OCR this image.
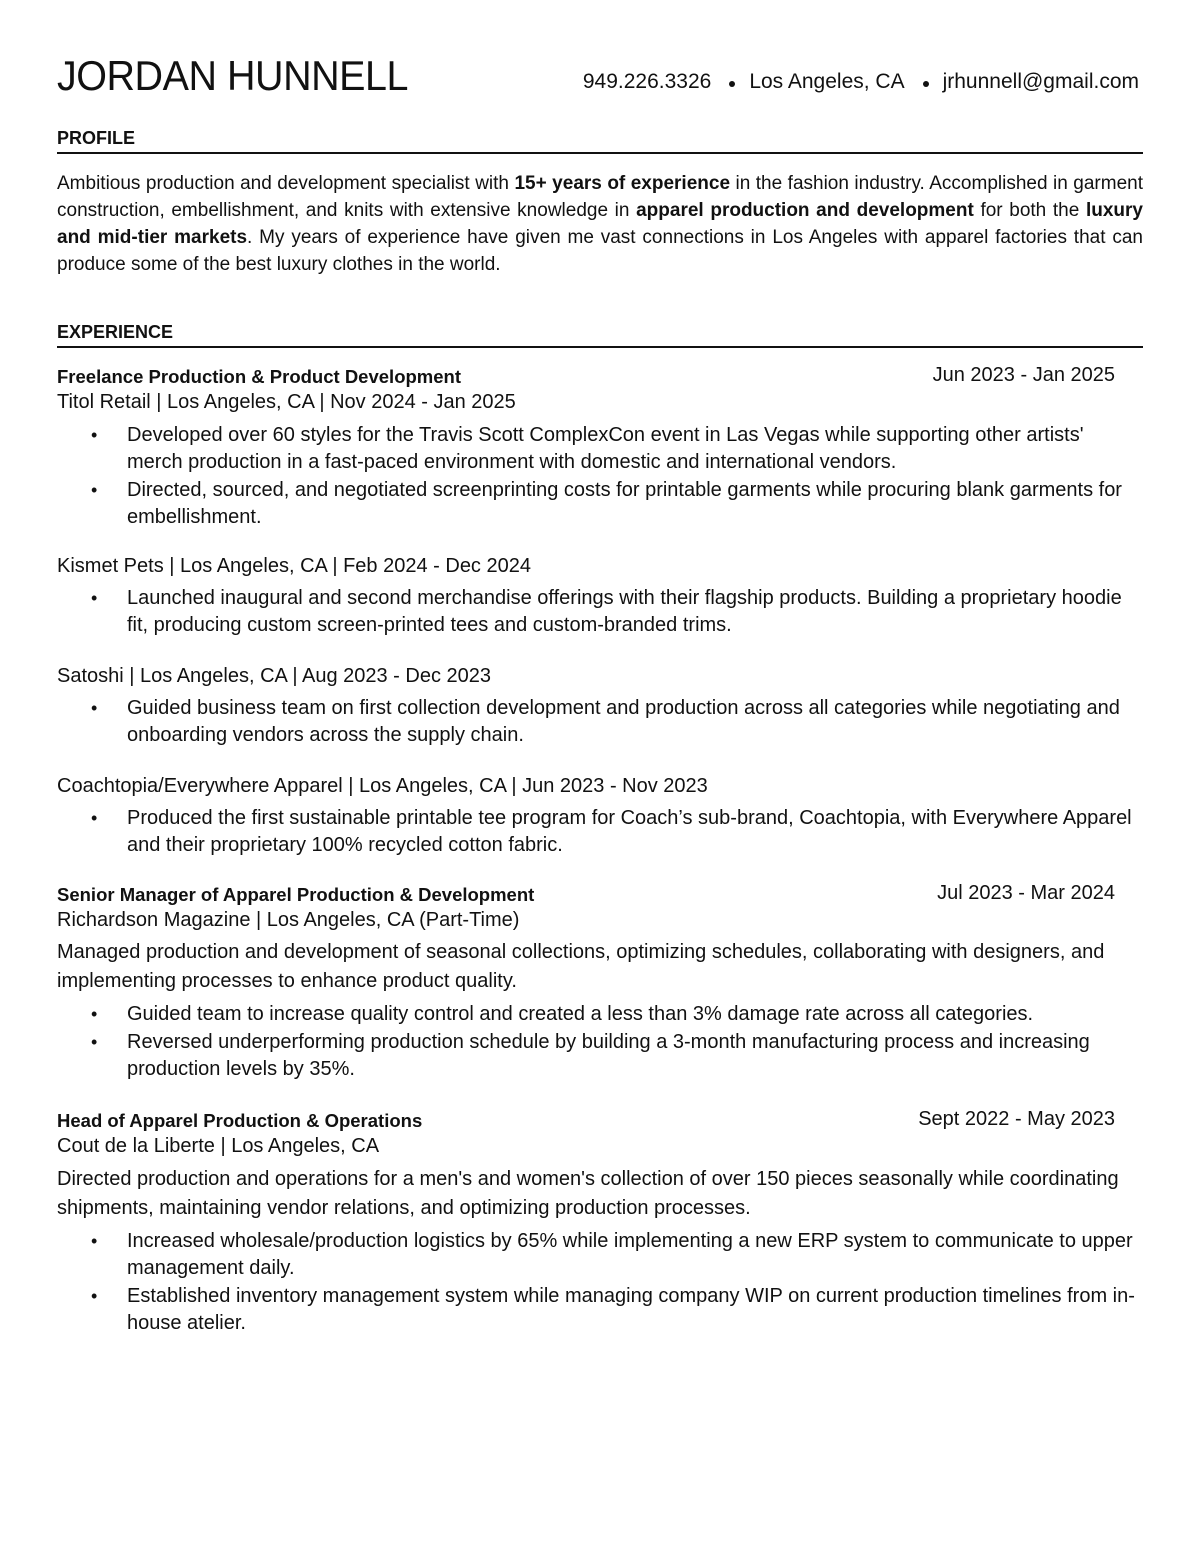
JORDAN HUNNELL	949.226.3326 Los Angeles, CA jrhunnell@gmail.com
PROFILE
Ambitious production and development specialist with 15+ years of experience in the fashion industry. Accomplished in garment construction, embellishment, and knits with extensive knowledge in apparel production and development for both the luxury and mid-tier markets. My years of experience have given me vast connections in Los Angeles with apparel factories that can produce some of the best luxury clothes in the world.
EXPERIENCE
Freelance Production & Product Development	Jun 2023 - Jan 2025
Titol Retail | Los Angeles, CA | Nov 2024 - Jan 2025
• Developed over 60 styles for the Travis Scott ComplexCon event in Las Vegas while supporting other artists' merch production in a fast-paced environment with domestic and international vendors.
• Directed, sourced, and negotiated screenprinting costs for printable garments while procuring blank garments for embellishment.
Kismet Pets | Los Angeles, CA | Feb 2024 - Dec 2024
• Launched inaugural and second merchandise offerings with their flagship products. Building a proprietary hoodie fit, producing custom screen-printed tees and custom-branded trims.
Satoshi | Los Angeles, CA | Aug 2023 - Dec 2023
• Guided business team on first collection development and production across all categories while negotiating and onboarding vendors across the supply chain.
Coachtopia/Everywhere Apparel | Los Angeles, CA | Jun 2023 - Nov 2023
• Produced the first sustainable printable tee program for Coach’s sub-brand, Coachtopia, with Everywhere Apparel and their proprietary 100% recycled cotton fabric.
Senior Manager of Apparel Production & Development	Jul 2023 - Mar 2024
Richardson Magazine | Los Angeles, CA (Part-Time)
Managed production and development of seasonal collections, optimizing schedules, collaborating with designers, and implementing processes to enhance product quality.
• Guided team to increase quality control and created a less than 3% damage rate across all categories.
• Reversed underperforming production schedule by building a 3-month manufacturing process and increasing production levels by 35%.
Head of Apparel Production & Operations	Sept 2022 - May 2023
Cout de la Liberte | Los Angeles, CA
Directed production and operations for a men's and women's collection of over 150 pieces seasonally while coordinating shipments, maintaining vendor relations, and optimizing production processes.
• Increased wholesale/production logistics by 65% while implementing a new ERP system to communicate to upper management daily.
• Established inventory management system while managing company WIP on current production timelines from in-house atelier.
